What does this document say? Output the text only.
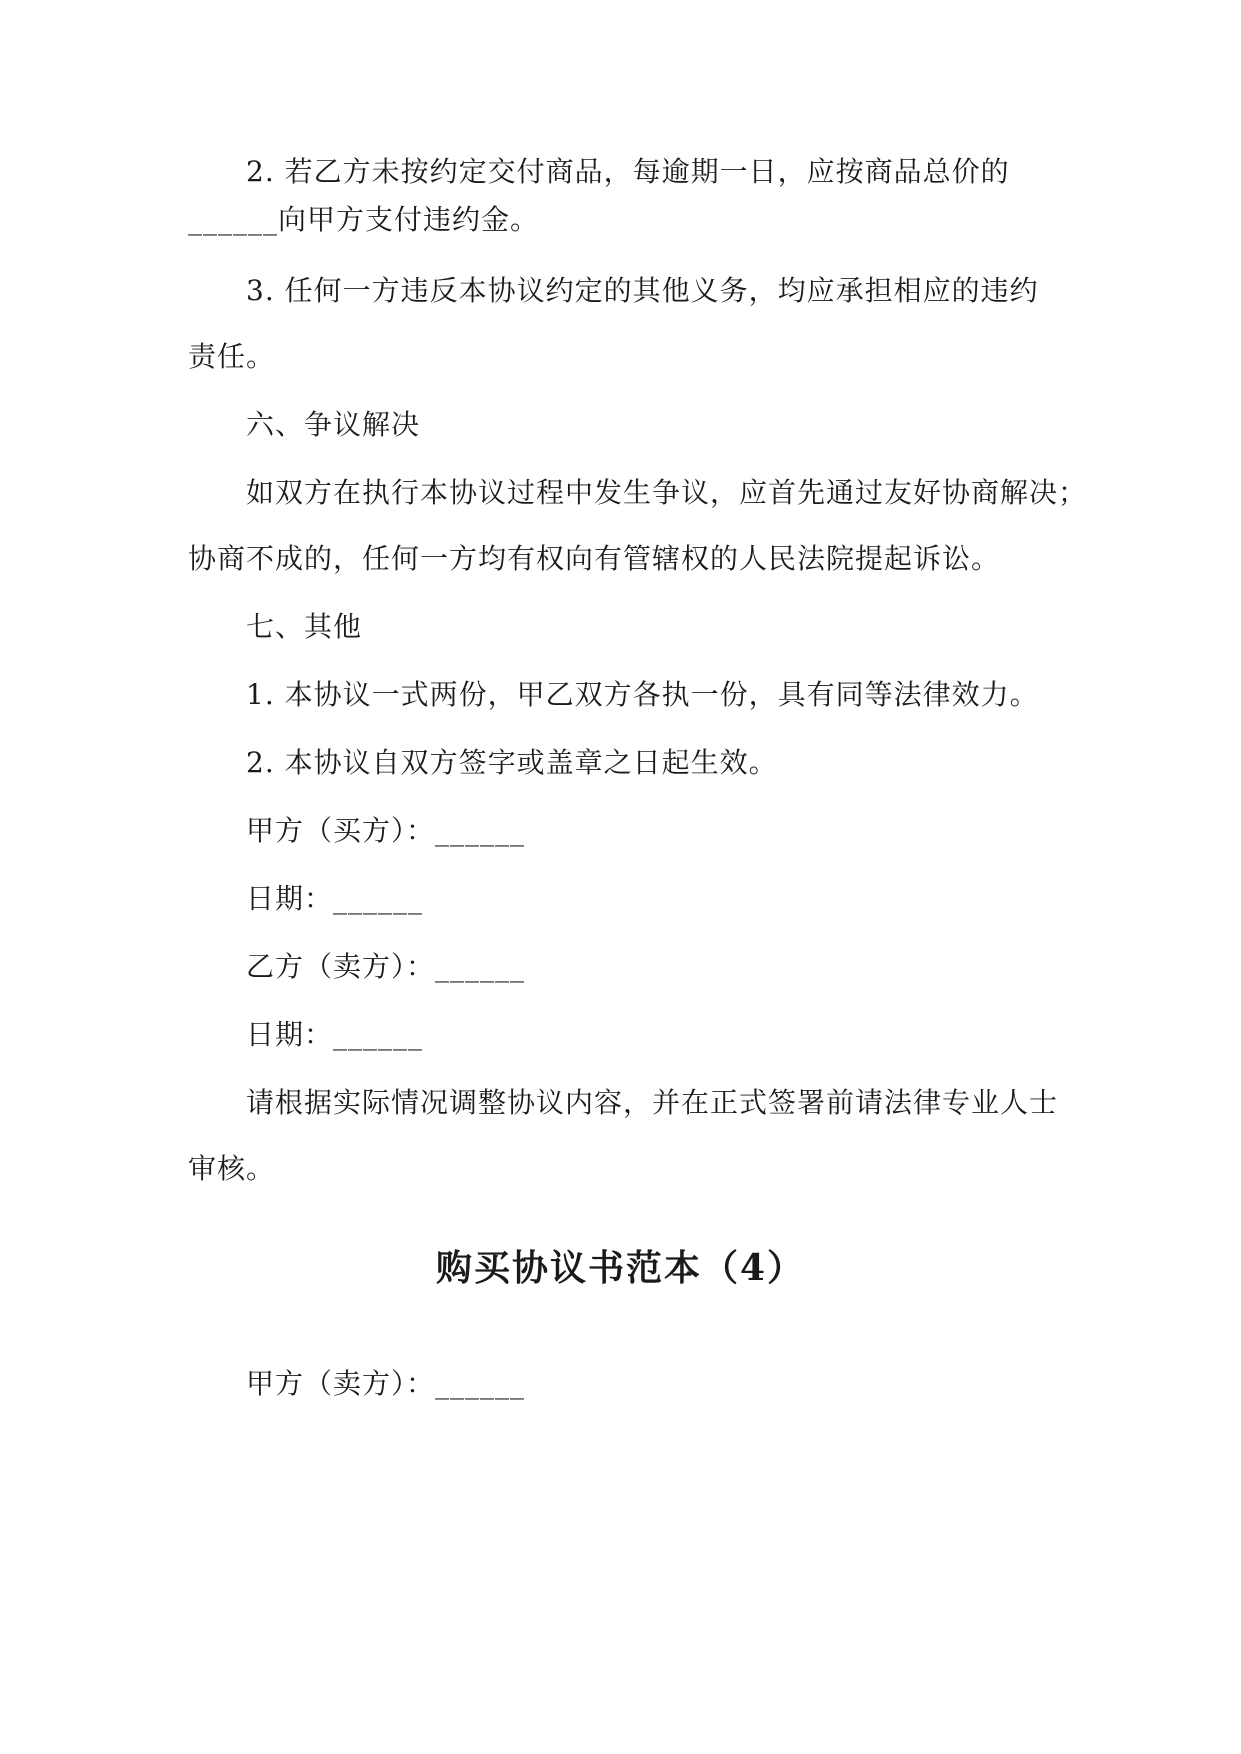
2. 若乙方未按约定交付商品，每逾期一日，应按商品总价的
______向甲方支付违约金。
3. 任何一方违反本协议约定的其他义务，均应承担相应的违约
责任。
六、争议解决
如双方在执行本协议过程中发生争议，应首先通过友好协商解决；
协商不成的，任何一方均有权向有管辖权的人民法院提起诉讼。
七、其他
1. 本协议一式两份，甲乙双方各执一份，具有同等法律效力。
2. 本协议自双方签字或盖章之日起生效。
甲方（买方）：______
日期：______
乙方（卖方）：______
日期：______
请根据实际情况调整协议内容，并在正式签署前请法律专业人士
审核。
购买协议书范本（4）
甲方（卖方）：______
